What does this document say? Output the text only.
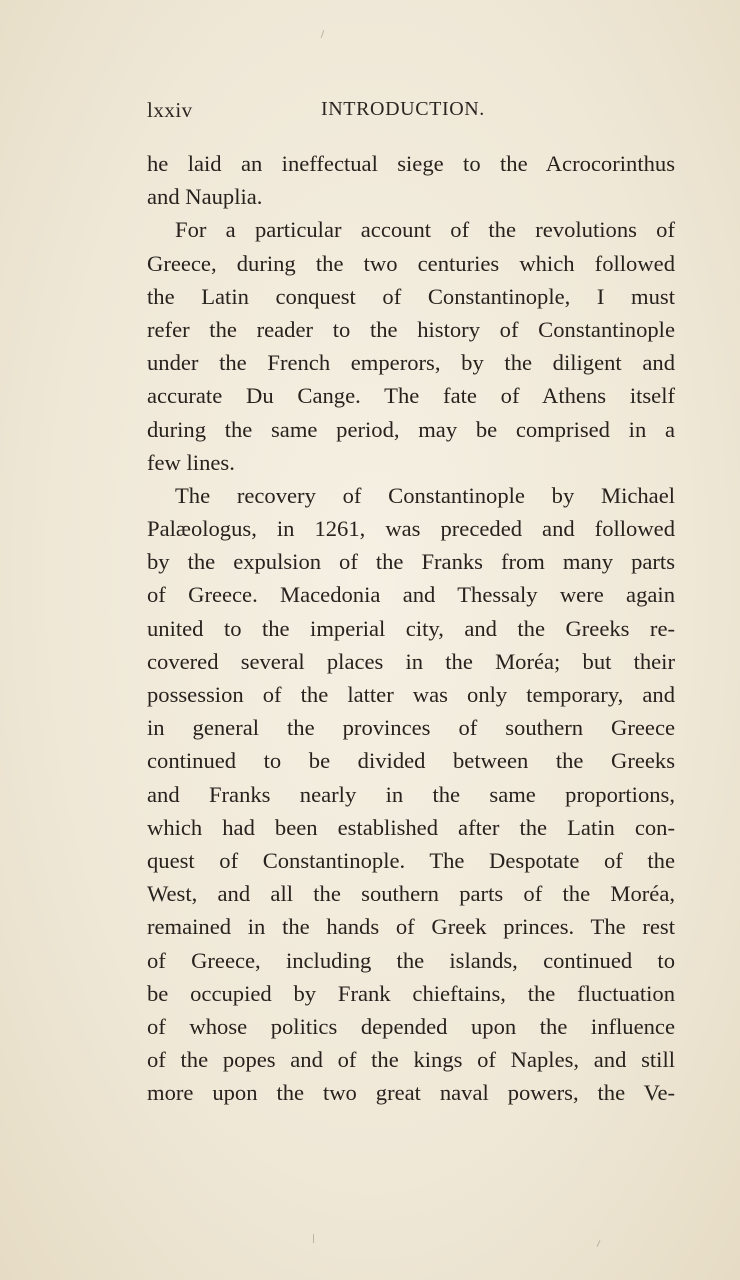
lxxiv	INTRODUCTION.
he laid an ineffectual siege to the Acrocorinthus
and Nauplia.
For a particular account of the revolutions of
Greece, during the two centuries which followed
the Latin conquest of Constantinople, I must
refer the reader to the history of Constantinople
under the French emperors, by the diligent and
accurate Du Cange. The fate of Athens itself
during the same period, may be comprised in a
few lines.
The recovery of Constantinople by Michael
Palæologus, in 1261, was preceded and followed
by the expulsion of the Franks from many parts
of Greece. Macedonia and Thessaly were again
united to the imperial city, and the Greeks re-
covered several places in the Moréa; but their
possession of the latter was only temporary, and
in general the provinces of southern Greece
continued to be divided between the Greeks
and Franks nearly in the same proportions,
which had been established after the Latin con-
quest of Constantinople. The Despotate of the
West, and all the southern parts of the Moréa,
remained in the hands of Greek princes. The rest
of Greece, including the islands, continued to
be occupied by Frank chieftains, the fluctuation
of whose politics depended upon the influence
of the popes and of the kings of Naples, and still
more upon the two great naval powers, the Ve-
